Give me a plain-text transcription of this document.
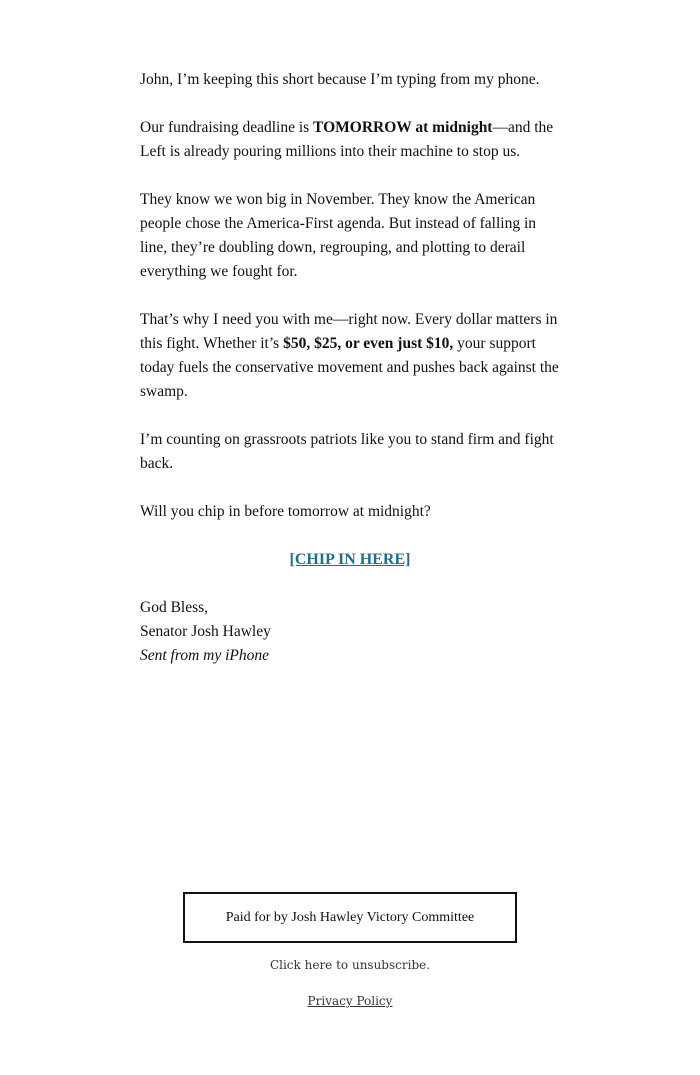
John, I’m keeping this short because I’m typing from my phone.

Our fundraising deadline is TOMORROW at midnight—and the Left is already pouring millions into their machine to stop us.

They know we won big in November. They know the American people chose the America-First agenda. But instead of falling in line, they’re doubling down, regrouping, and plotting to derail everything we fought for.

That’s why I need you with me—right now. Every dollar matters in this fight. Whether it’s $50, $25, or even just $10, your support today fuels the conservative movement and pushes back against the swamp.

I’m counting on grassroots patriots like you to stand firm and fight back.

Will you chip in before tomorrow at midnight?

[CHIP IN HERE]
God Bless,
Senator Josh Hawley
Sent from my iPhone
Paid for by Josh Hawley Victory Committee
Click here to unsubscribe.
Privacy Policy
